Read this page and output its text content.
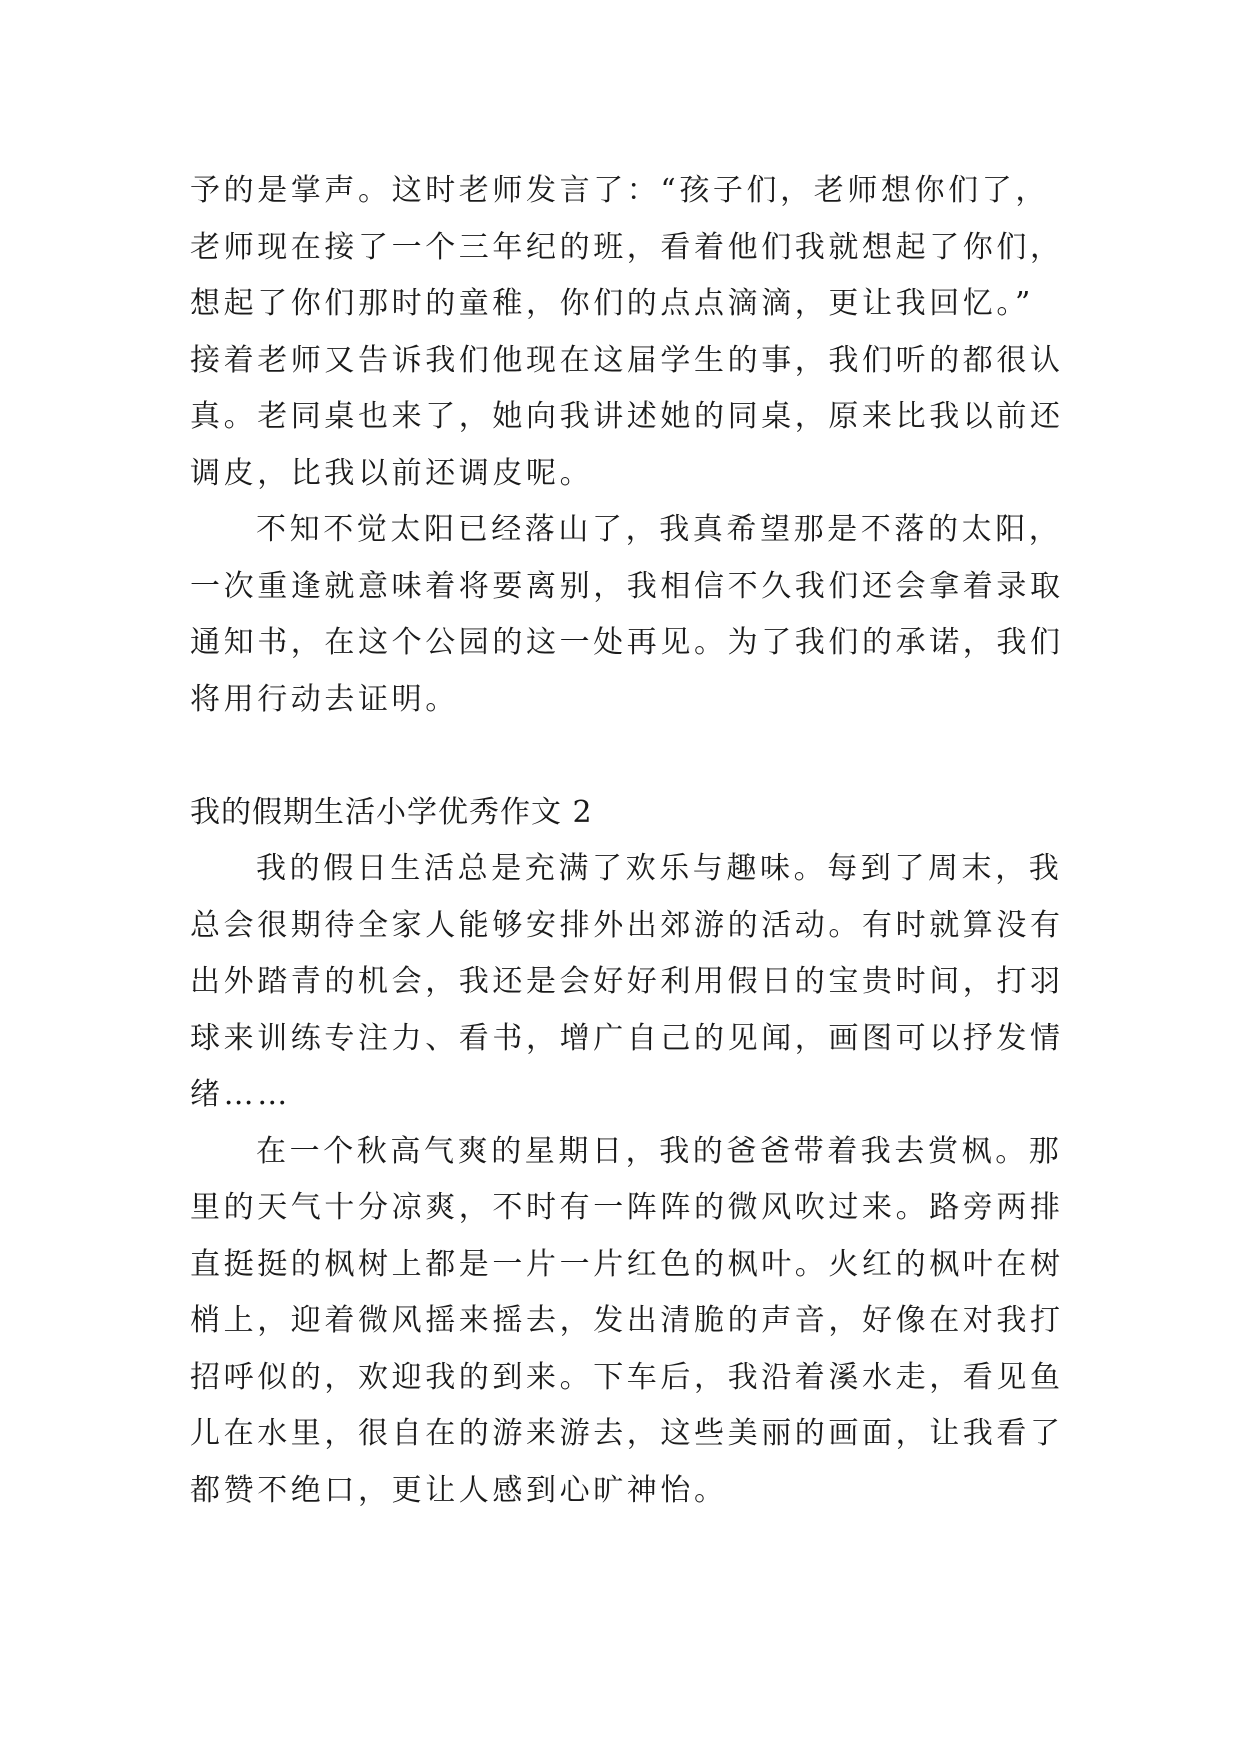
予的是掌声。这时老师发言了：“孩子们，老师想你们了，
老师现在接了一个三年纪的班，看着他们我就想起了你们，
想起了你们那时的童稚，你们的点点滴滴，更让我回忆。”
接着老师又告诉我们他现在这届学生的事，我们听的都很认
真。老同桌也来了，她向我讲述她的同桌，原来比我以前还
调皮，比我以前还调皮呢。
不知不觉太阳已经落山了，我真希望那是不落的太阳，
一次重逢就意味着将要离别，我相信不久我们还会拿着录取
通知书，在这个公园的这一处再见。为了我们的承诺，我们
将用行动去证明。
我的假期生活小学优秀作文 2
我的假日生活总是充满了欢乐与趣味。每到了周末，我
总会很期待全家人能够安排外出郊游的活动。有时就算没有
出外踏青的机会，我还是会好好利用假日的宝贵时间，打羽
球来训练专注力、看书，增广自己的见闻，画图可以抒发情
绪……
在一个秋高气爽的星期日，我的爸爸带着我去赏枫。那
里的天气十分凉爽，不时有一阵阵的微风吹过来。路旁两排
直挺挺的枫树上都是一片一片红色的枫叶。火红的枫叶在树
梢上，迎着微风摇来摇去，发出清脆的声音，好像在对我打
招呼似的，欢迎我的到来。下车后，我沿着溪水走，看见鱼
儿在水里，很自在的游来游去，这些美丽的画面，让我看了
都赞不绝口，更让人感到心旷神怡。
